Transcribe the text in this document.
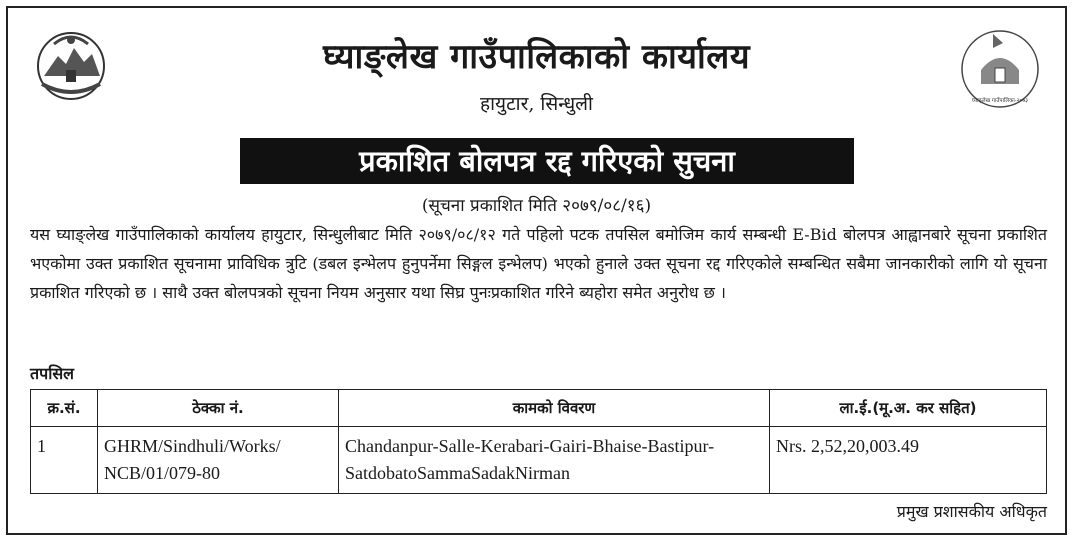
घ्याङ्लेख गाउँपालिका-२०७३
घ्याङ्लेख गाउँपालिकाको कार्यालय
हायुटार, सिन्धुली
प्रकाशित बोलपत्र रद्द गरिएको सुचना
(सूचना प्रकाशित मिति २०७९/०८/१६)
यस घ्याङ्लेख गाउँपालिकाको कार्यालय हायुटार, सिन्धुलीबाट मिति २०७९/०८/१२ गते पहिलो पटक तपसिल बमोजिम कार्य सम्बन्धी E-Bid बोलपत्र आह्वानबारे सूचना प्रकाशित भएकोमा उक्त प्रकाशित सूचनामा प्राविधिक त्रुटि (डबल इन्भेलप हुनुपर्नेमा सिङ्गल इन्भेलप) भएको हुनाले उक्त सूचना रद्द गरिएकोले सम्बन्धित सबैमा जानकारीको लागि यो सूचना प्रकाशित गरिएको छ । साथै उक्त बोलपत्रको सूचना नियम अनुसार यथा सिघ्र पुनःप्रकाशित गरिने ब्यहोरा समेत अनुरोध छ ।
तपसिल
क्र.सं.	ठेक्का नं.	कामको विवरण	ला.ई.(मू.अ. कर सहित)
1	GHRM/Sindhuli/Works/ NCB/01/079-80	Chandanpur-Salle-Kerabari-Gairi-Bhaise-Bastipur-SatdobatoSammaSadakNirman	Nrs. 2,52,20,003.49
प्रमुख प्रशासकीय अधिकृत
